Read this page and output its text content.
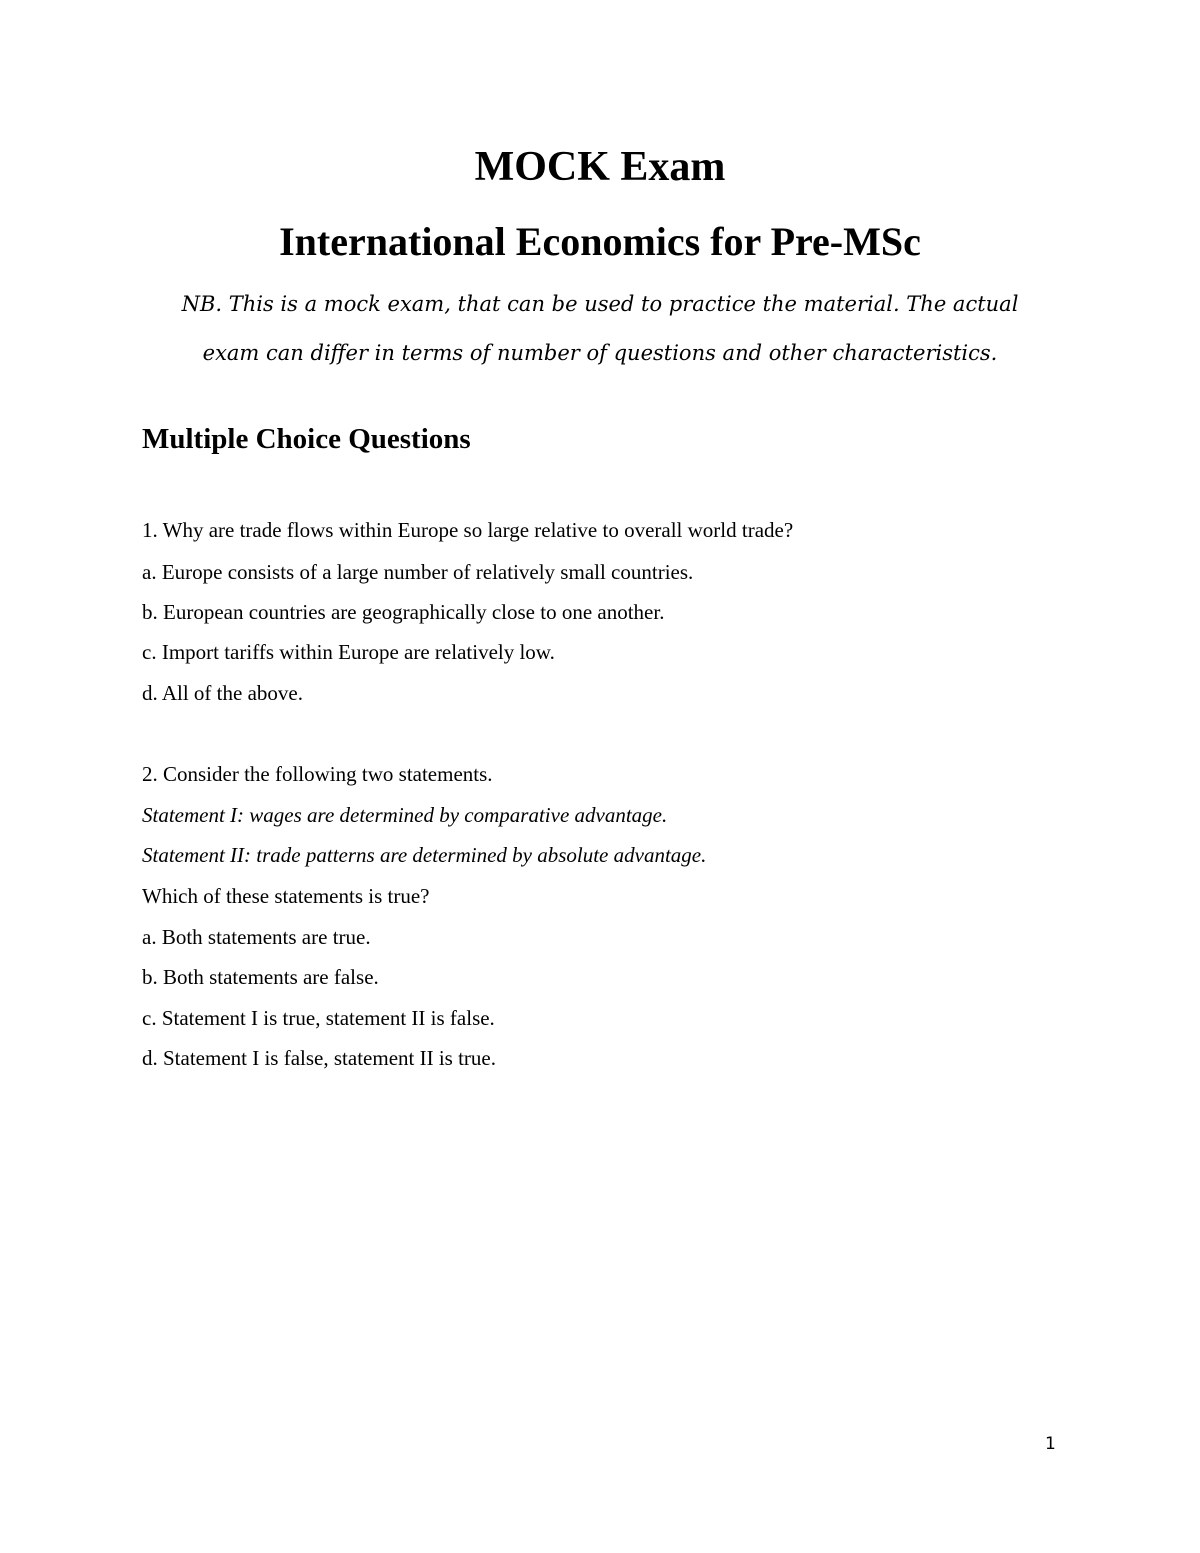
MOCK Exam
International Economics for Pre-MSc
NB. This is a mock exam, that can be used to practice the material. The actual
exam can differ in terms of number of questions and other characteristics.
Multiple Choice Questions
1. Why are trade flows within Europe so large relative to overall world trade?
a. Europe consists of a large number of relatively small countries.
b. European countries are geographically close to one another.
c. Import tariffs within Europe are relatively low.
d. All of the above.
2. Consider the following two statements.
Statement I: wages are determined by comparative advantage.
Statement II: trade patterns are determined by absolute advantage.
Which of these statements is true?
a. Both statements are true.
b. Both statements are false.
c. Statement I is true, statement II is false.
d. Statement I is false, statement II is true.
1
